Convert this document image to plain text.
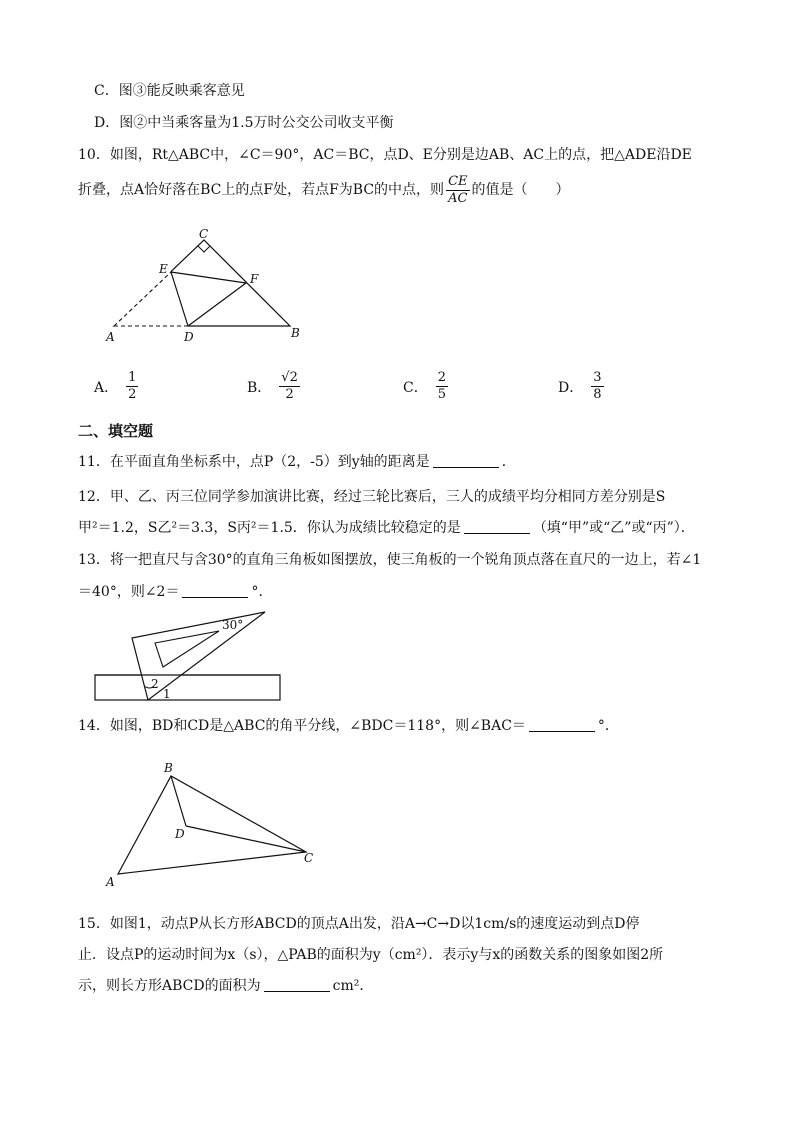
C．图③能反映乘客意见
D．图②中当乘客量为1.5万时公交公司收支平衡
10．如图，Rt△ABC中，∠C＝90°，AC＝BC，点D、E分别是边AB、AC上的点，把△ADE沿DE
折叠，点A恰好落在BC上的点F处，若点F为BC的中点，则 $\frac{CE}{AC}$ 的值是（　　）
C
E
F
A	D	B
A． $\frac{1}{2}$	B． $\frac{√2}{2}$	C． $\frac{2}{5}$	D． $\frac{3}{8}$
二、填空题
11．在平面直角坐标系中，点P（2，-5）到y轴的距离是	．
12．甲、乙、丙三位同学参加演讲比赛，经过三轮比赛后，三人的成绩平均分相同方差分别是S
甲²＝1.2，S乙²＝3.3，S丙²＝1.5．你认为成绩比较稳定的是	（填“甲”或“乙”或“丙”）．
13．将一把直尺与含30°的直角三角板如图摆放，使三角板的一个锐角顶点落在直尺的一边上，若∠1
＝40°，则∠2＝	°．
30°
2
1
14．如图，BD和CD是△ABC的角平分线，∠BDC＝118°，则∠BAC＝	°．
B
D
A
C
15．如图1，动点P从长方形ABCD的顶点A出发，沿A→C→D以1cm/s的速度运动到点D停
止．设点P的运动时间为x（s），△PAB的面积为y（cm²）．表示y与x的函数关系的图象如图2所
示，则长方形ABCD的面积为	cm²．
